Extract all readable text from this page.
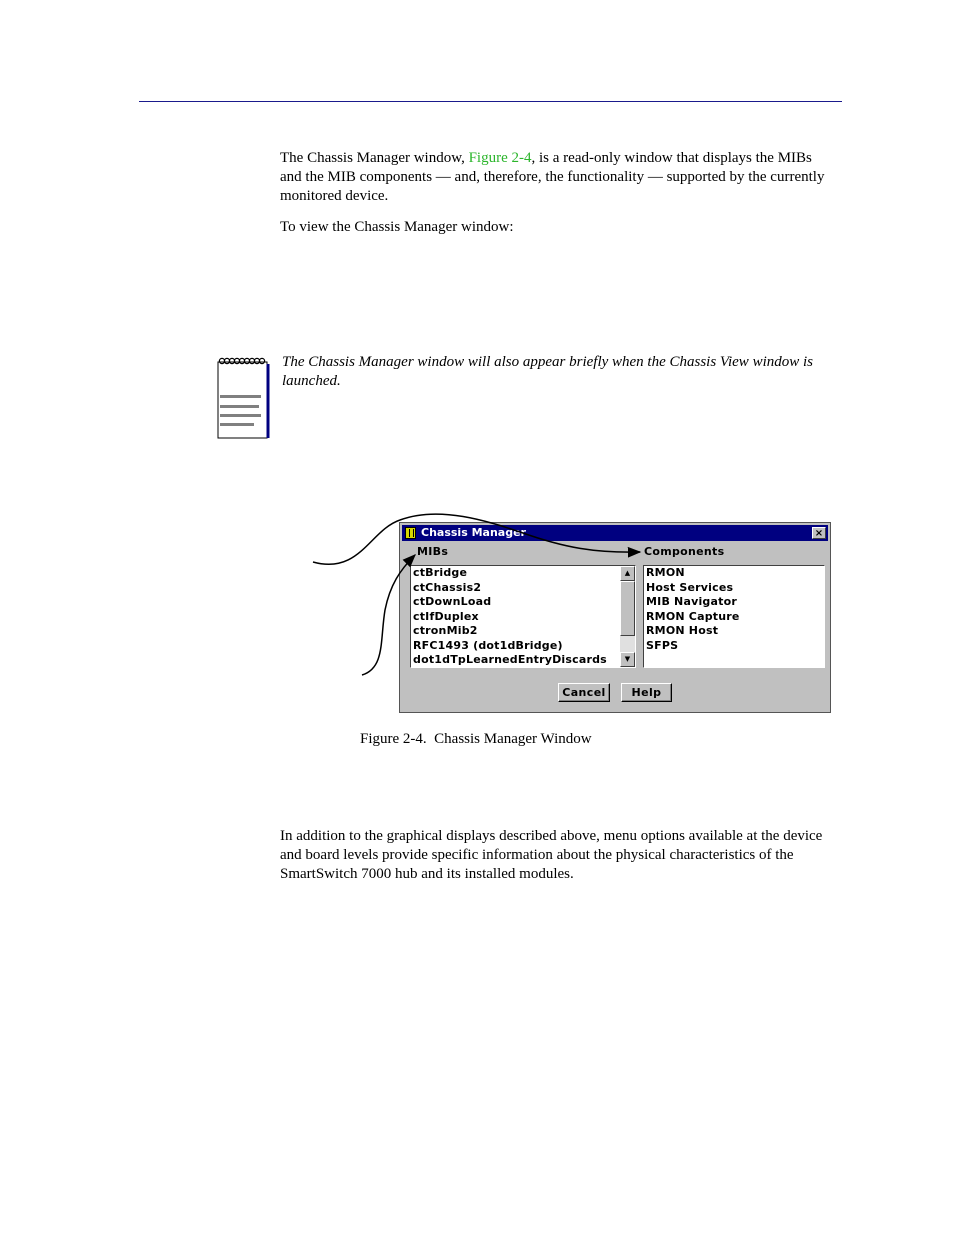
The Chassis Manager window, Figure 2-4, is a read-only window that displays the MIBs and the MIB components — and, therefore, the functionality — supported by the currently monitored device.

To view the Chassis Manager window:

The Chassis Manager window will also appear briefly when the Chassis View window is launched.

Chassis Manager	×
MIBs	Components
ctBridge
ctChassis2
ctDownLoad
ctIfDuplex
ctronMib2
RFC1493 (dot1dBridge)
dot1dTpLearnedEntryDiscards
▲
▼
RMON
Host Services
MIB Navigator
RMON Capture
RMON Host
SFPS
Cancel	Help
Figure 2-4.  Chassis Manager Window

In addition to the graphical displays described above, menu options available at the device and board levels provide specific information about the physical characteristics of the SmartSwitch 7000 hub and its installed modules.
